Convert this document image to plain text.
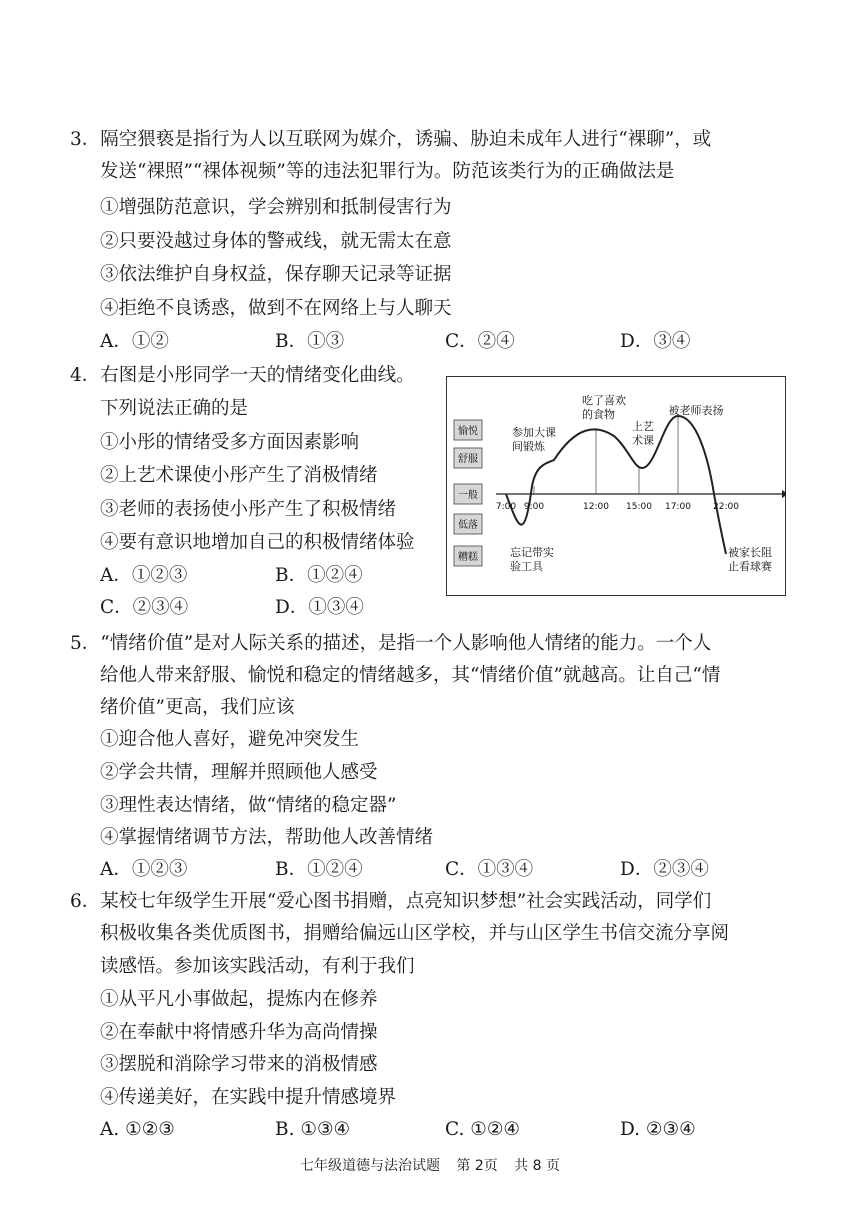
3．隔空猥亵是指行为人以互联网为媒介，诱骗、胁迫未成年人进行“裸聊”，或
发送“裸照”“裸体视频”等的违法犯罪行为。防范该类行为的正确做法是
①增强防范意识，学会辨别和抵制侵害行为
②只要没越过身体的警戒线，就无需太在意
③依法维护自身权益，保存聊天记录等证据
④拒绝不良诱惑，做到不在网络上与人聊天
A．①②	B．①③	C．②④	D．③④
4．右图是小彤同学一天的情绪变化曲线。
下列说法正确的是
①小彤的情绪受多方面因素影响
②上艺术课使小彤产生了消极情绪
③老师的表扬使小彤产生了积极情绪
④要有意识地增加自己的积极情绪体验
A．①②③	B．①②④
C．②③④	D．①③④
愉悦
舒服
一般
低落
糟糕
7:00 9:00	12:00 15:00 17:00 22:00
忘记带实
验工具
参加大课
间锻炼
吃了喜欢
的食物
上艺
术课
被老师表扬
被家长阻
止看球赛
5．“情绪价值”是对人际关系的描述，是指一个人影响他人情绪的能力。一个人
给他人带来舒服、愉悦和稳定的情绪越多，其“情绪价值”就越高。让自己“情
绪价值”更高，我们应该
①迎合他人喜好，避免冲突发生
②学会共情，理解并照顾他人感受
③理性表达情绪，做“情绪的稳定器”
④掌握情绪调节方法，帮助他人改善情绪
A．①②③	B．①②④	C．①③④	D．②③④
6．某校七年级学生开展“爱心图书捐赠，点亮知识梦想”社会实践活动，同学们
积极收集各类优质图书，捐赠给偏远山区学校，并与山区学生书信交流分享阅
读感悟。参加该实践活动，有利于我们
①从平凡小事做起，提炼内在修养
②在奉献中将情感升华为高尚情操
③摆脱和消除学习带来的消极情感
④传递美好，在实践中提升情感境界
A. ①②③	B. ①③④	C. ①②④	D. ②③④
七年级道德与法治试题 第 2页 共 8 页
